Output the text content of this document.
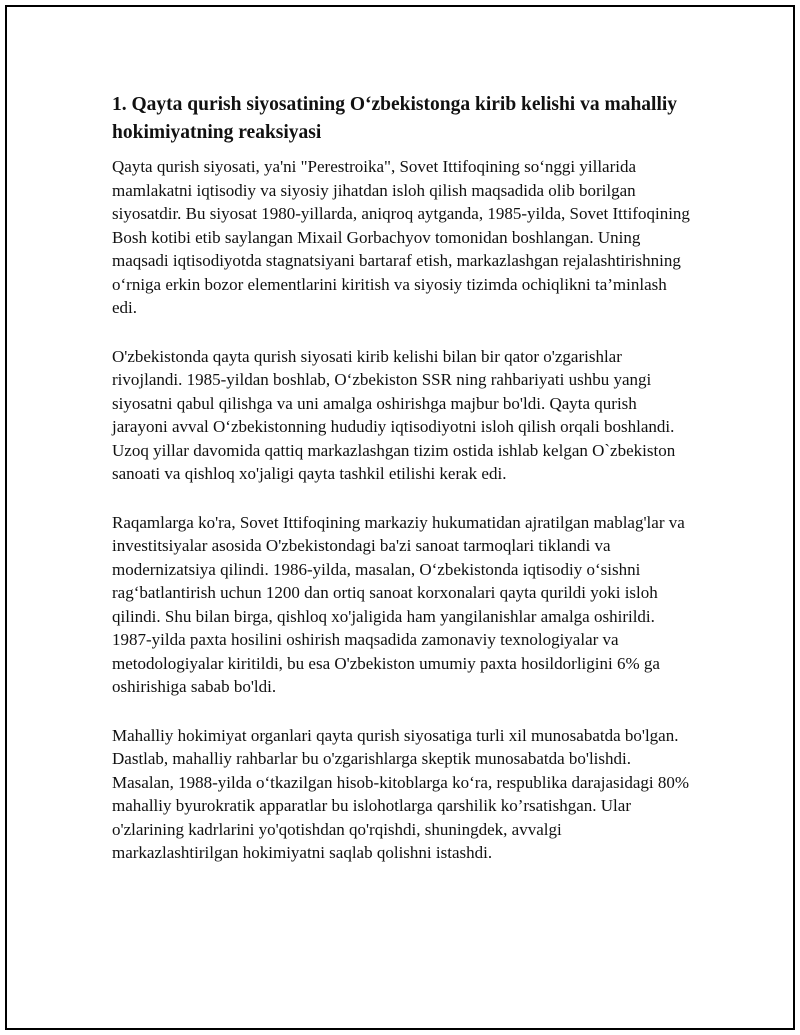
1. Qayta qurish siyosatining O‘zbekistonga kirib kelishi va mahalliy hokimiyatning reaksiyasi

Qayta qurish siyosati, ya'ni "Perestroika", Sovet Ittifoqining so‘nggi yillarida mamlakatni iqtisodiy va siyosiy jihatdan isloh qilish maqsadida olib borilgan siyosatdir. Bu siyosat 1980-yillarda, aniqroq aytganda, 1985-yilda, Sovet Ittifoqining Bosh kotibi etib saylangan Mixail Gorbachyov tomonidan boshlangan. Uning maqsadi iqtisodiyotda stagnatsiyani bartaraf etish, markazlashgan rejalashtirishning o‘rniga erkin bozor elementlarini kiritish va siyosiy tizimda ochiqlikni ta’minlash edi.

O'zbekistonda qayta qurish siyosati kirib kelishi bilan bir qator o'zgarishlar rivojlandi. 1985-yildan boshlab, O‘zbekiston SSR ning rahbariyati ushbu yangi siyosatni qabul qilishga va uni amalga oshirishga majbur bo'ldi. Qayta qurish jarayoni avval O‘zbekistonning hududiy iqtisodiyotni isloh qilish orqali boshlandi. Uzoq yillar davomida qattiq markazlashgan tizim ostida ishlab kelgan O`zbekiston sanoati va qishloq xo'jaligi qayta tashkil etilishi kerak edi.

Raqamlarga ko'ra, Sovet Ittifoqining markaziy hukumatidan ajratilgan mablag'lar va investitsiyalar asosida O'zbekistondagi ba'zi sanoat tarmoqlari tiklandi va modernizatsiya qilindi. 1986-yilda, masalan, O‘zbekistonda iqtisodiy o‘sishni rag‘batlantirish uchun 1200 dan ortiq sanoat korxonalari qayta qurildi yoki isloh qilindi. Shu bilan birga, qishloq xo'jaligida ham yangilanishlar amalga oshirildi. 1987-yilda paxta hosilini oshirish maqsadida zamonaviy texnologiyalar va metodologiyalar kiritildi, bu esa O'zbekiston umumiy paxta hosildorligini 6% ga oshirishiga sabab bo'ldi.

Mahalliy hokimiyat organlari qayta qurish siyosatiga turli xil munosabatda bo'lgan. Dastlab, mahalliy rahbarlar bu o'zgarishlarga skeptik munosabatda bo'lishdi. Masalan, 1988-yilda o‘tkazilgan hisob-kitoblarga ko‘ra, respublika darajasidagi 80% mahalliy byurokratik apparatlar bu islohotlarga qarshilik ko’rsatishgan. Ular o'zlarining kadrlarini yo'qotishdan qo'rqishdi, shuningdek, avvalgi markazlashtirilgan hokimiyatni saqlab qolishni istashdi.
